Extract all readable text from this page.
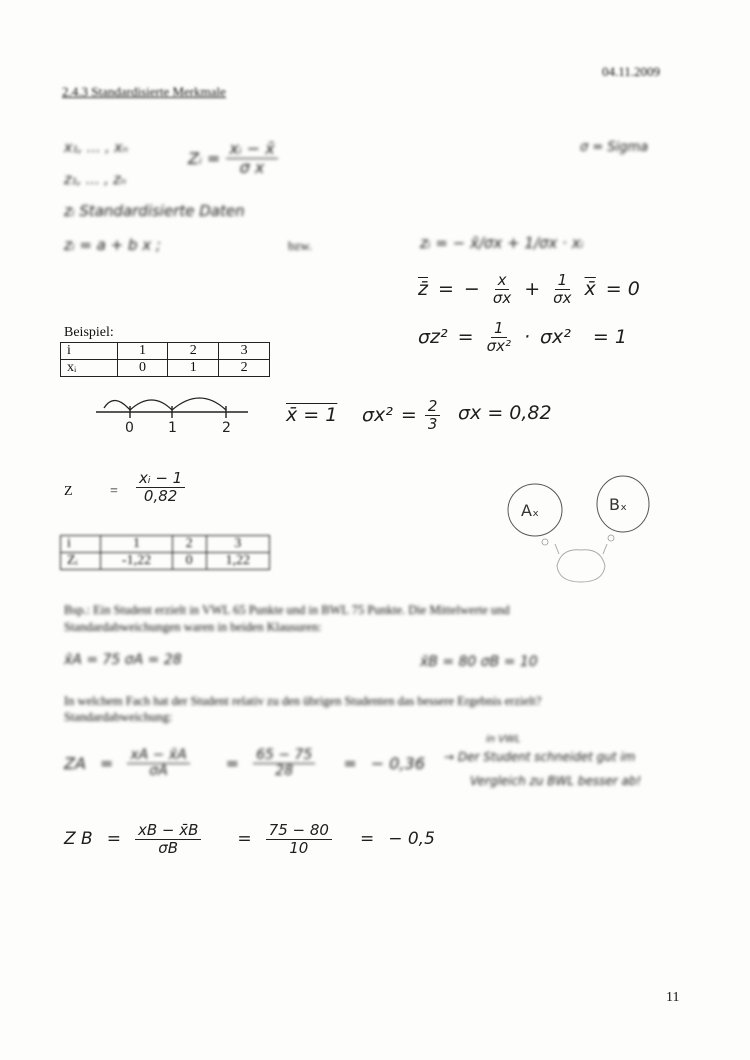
04.11.2009
2.4.3 Standardisierte Merkmale
x₁, … , xₙ
Zᵢ = $\frac{\text{xᵢ − x̄}}{\text{σ x}}$	σ = Sigma
z₁, … , zₙ
zᵢ Standardisierte Daten
zᵢ = a + b x ;	bzw.	zᵢ = − x̄/σx + 1/σx · xᵢ
z̄ = − $\frac{x}{\sigma x} + \frac{1}{\sigma x}$ x̄ = 0
$\sigma z^2 = \frac{1}{\text{σx²}} \cdot \sigma x^2 = 1$
Beispiel:
i	1	2	3
xᵢ	0	1	2
0 1	2
x̄ = 1 $\sigma x^2 = \frac{2}{3}$ σx = 0,82
Z	= $\frac{\text{xᵢ − 1}}{0,82}$
Aₓ	Bₓ
i	1	2	3
Zᵢ	-1,22	0	1,22
Bsp.: Ein Student erzielt in VWL 65 Punkte und in BWL 75 Punkte. Die Mittelwerte und
Standardabweichungen waren in beiden Klausuren:
x̄A = 75 σA = 28	x̄B = 80 σB = 10
In welchem Fach hat der Student relativ zu den übrigen Studenten das bessere Ergebnis erzielt?
Standardabweichung:
ZA = $\frac{xA - x̄A}{\sigma A} = \frac{65 - 75}{28}$ = − 0,36
in VWL
→ Der Student schneidet gut im
Vergleich zu BWL besser ab!
Z $B = \frac{xB - x̄B}{\sigma B} = \frac{75 - 80}{10}$ = − 0,5
11
